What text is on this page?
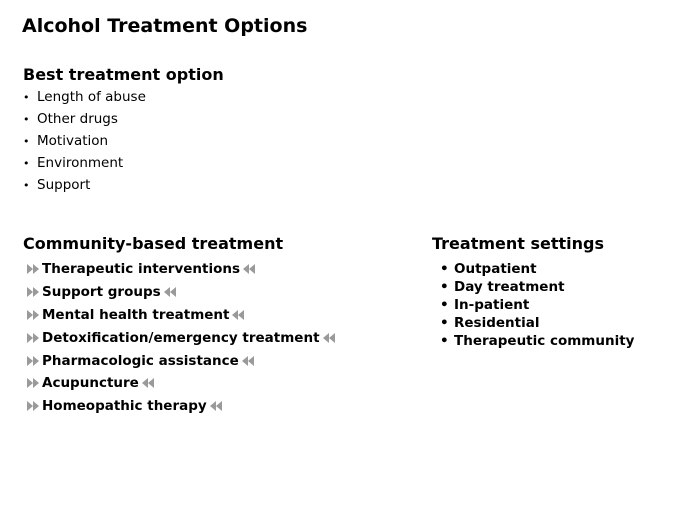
Alcohol Treatment Options
Best treatment option
• Length of abuse
• Other drugs
• Motivation
• Environment
• Support
Community-based treatment
Therapeutic interventions
Support groups
Mental health treatment
Detoxification/emergency treatment
Pharmacologic assistance
Acupuncture
Homeopathic therapy
Treatment settings
• Outpatient
• Day treatment
• In-patient
• Residential
• Therapeutic community
